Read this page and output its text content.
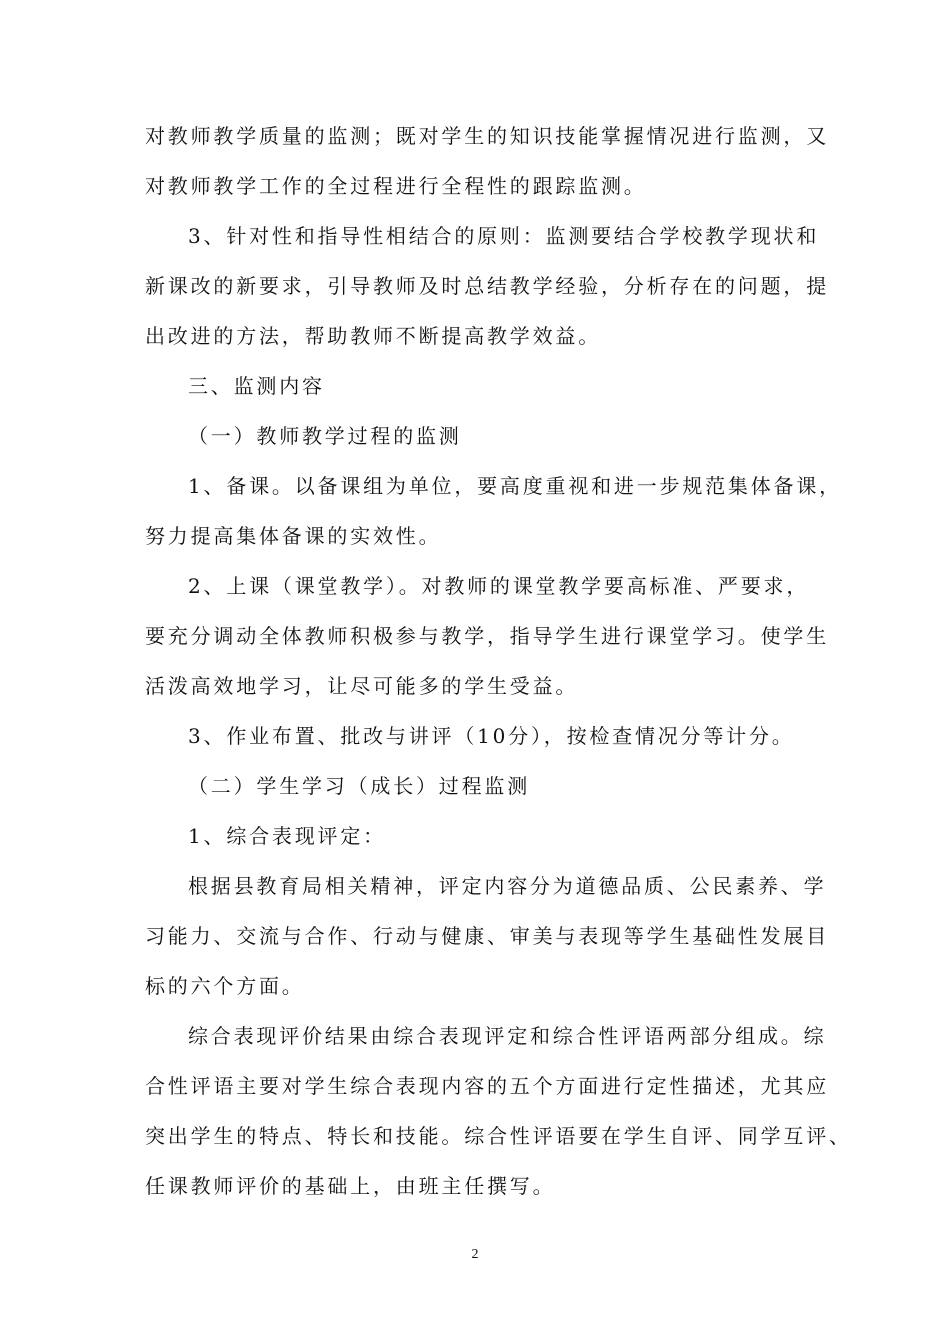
对教师教学质量的监测；既对学生的知识技能掌握情况进行监测，又
对教师教学工作的全过程进行全程性的跟踪监测。
3、针对性和指导性相结合的原则：监测要结合学校教学现状和
新课改的新要求，引导教师及时总结教学经验，分析存在的问题，提
出改进的方法，帮助教师不断提高教学效益。
三、监测内容
（一）教师教学过程的监测
1、备课。以备课组为单位，要高度重视和进一步规范集体备课，
努力提高集体备课的实效性。
2、上课（课堂教学）。对教师的课堂教学要高标准、严要求，
要充分调动全体教师积极参与教学，指导学生进行课堂学习。使学生
活泼高效地学习，让尽可能多的学生受益。
3、作业布置、批改与讲评（10分），按检查情况分等计分。
（二）学生学习（成长）过程监测
1、综合表现评定：
根据县教育局相关精神，评定内容分为道德品质、公民素养、学
习能力、交流与合作、行动与健康、审美与表现等学生基础性发展目
标的六个方面。
综合表现评价结果由综合表现评定和综合性评语两部分组成。综
合性评语主要对学生综合表现内容的五个方面进行定性描述，尤其应
突出学生的特点、特长和技能。综合性评语要在学生自评、同学互评、
任课教师评价的基础上，由班主任撰写。
2
